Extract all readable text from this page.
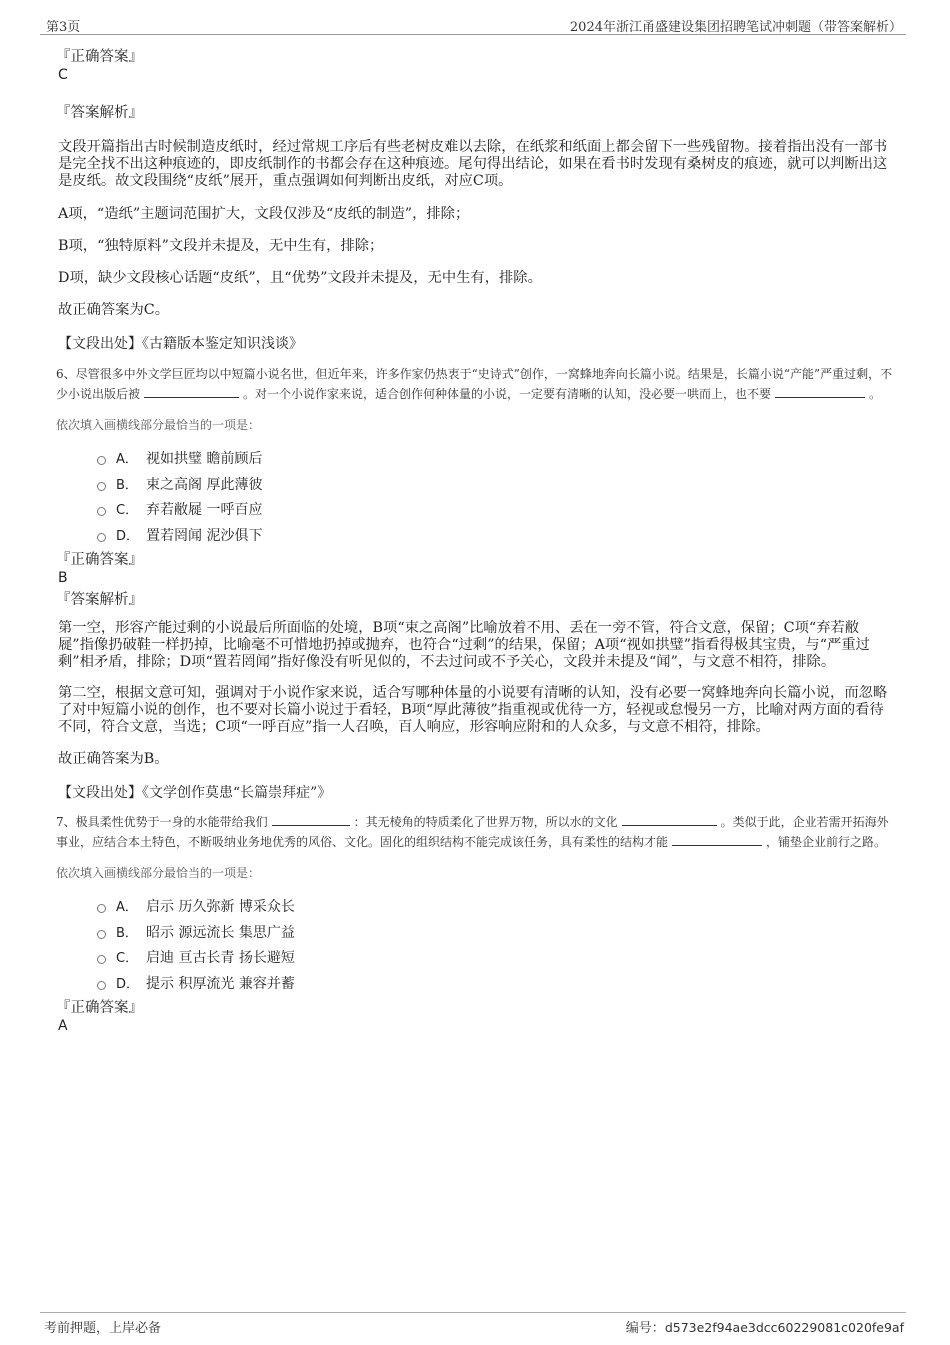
第3页	2024年浙江甬盛建设集团招聘笔试冲刺题（带答案解析）

『正确答案』

C

『答案解析』

文段开篇指出古时候制造皮纸时，经过常规工序后有些老树皮难以去除，在纸浆和纸面上都会留下一些残留物。接着指出没有一部书是完全找不出这种痕迹的，即皮纸制作的书都会存在这种痕迹。尾句得出结论，如果在看书时发现有桑树皮的痕迹，就可以判断出这是皮纸。故文段围绕“皮纸”展开，重点强调如何判断出皮纸，对应C项。

A项，“造纸”主题词范围扩大，文段仅涉及“皮纸的制造”，排除；

B项，“独特原料”文段并未提及，无中生有，排除；

D项，缺少文段核心话题“皮纸”，且“优势”文段并未提及，无中生有，排除。

故正确答案为C。

【文段出处】《古籍版本鉴定知识浅谈》

6、尽管很多中外文学巨匠均以中短篇小说名世，但近年来，许多作家仍热衷于“史诗式”创作，一窝蜂地奔向长篇小说。结果是，长篇小说“产能”严重过剩，不少小说出版后被	。对一个小说作家来说，适合创作何种体量的小说，一定要有清晰的认知，没必要一哄而上，也不要	。

依次填入画横线部分最恰当的一项是：

A． 视如拱璧 瞻前顾后
B． 束之高阁 厚此薄彼
C． 弃若敝屣 一呼百应
D． 置若罔闻 泥沙俱下

『正确答案』

B

『答案解析』

第一空，形容产能过剩的小说最后所面临的处境，B项“束之高阁”比喻放着不用、丢在一旁不管，符合文意，保留；C项“弃若敝屣”指像扔破鞋一样扔掉，比喻毫不可惜地扔掉或抛弃，也符合“过剩”的结果，保留；A项“视如拱璧”指看得极其宝贵，与“严重过剩”相矛盾，排除；D项“置若罔闻”指好像没有听见似的，不去过问或不予关心，文段并未提及“闻”，与文意不相符，排除。

第二空，根据文意可知，强调对于小说作家来说，适合写哪种体量的小说要有清晰的认知，没有必要一窝蜂地奔向长篇小说，而忽略了对中短篇小说的创作，也不要对长篇小说过于看轻，B项“厚此薄彼”指重视或优待一方，轻视或怠慢另一方，比喻对两方面的看待不同，符合文意，当选；C项“一呼百应”指一人召唤，百人响应，形容响应附和的人众多，与文意不相符，排除。

故正确答案为B。

【文段出处】《文学创作莫患“长篇崇拜症”》

7、极具柔性优势于一身的水能带给我们	：其无棱角的特质柔化了世界万物，所以水的文化	。类似于此，企业若需开拓海外事业，应结合本土特色，不断吸纳业务地优秀的风俗、文化。固化的组织结构不能完成该任务，具有柔性的结构才能	，铺垫企业前行之路。

依次填入画横线部分最恰当的一项是：

A． 启示 历久弥新 博采众长
B． 昭示 源远流长 集思广益
C． 启迪 亘古长青 扬长避短
D． 提示 积厚流光 兼容并蓄

『正确答案』

A

考前押题，上岸必备	编号：d573e2f94ae3dcc60229081c020fe9af
